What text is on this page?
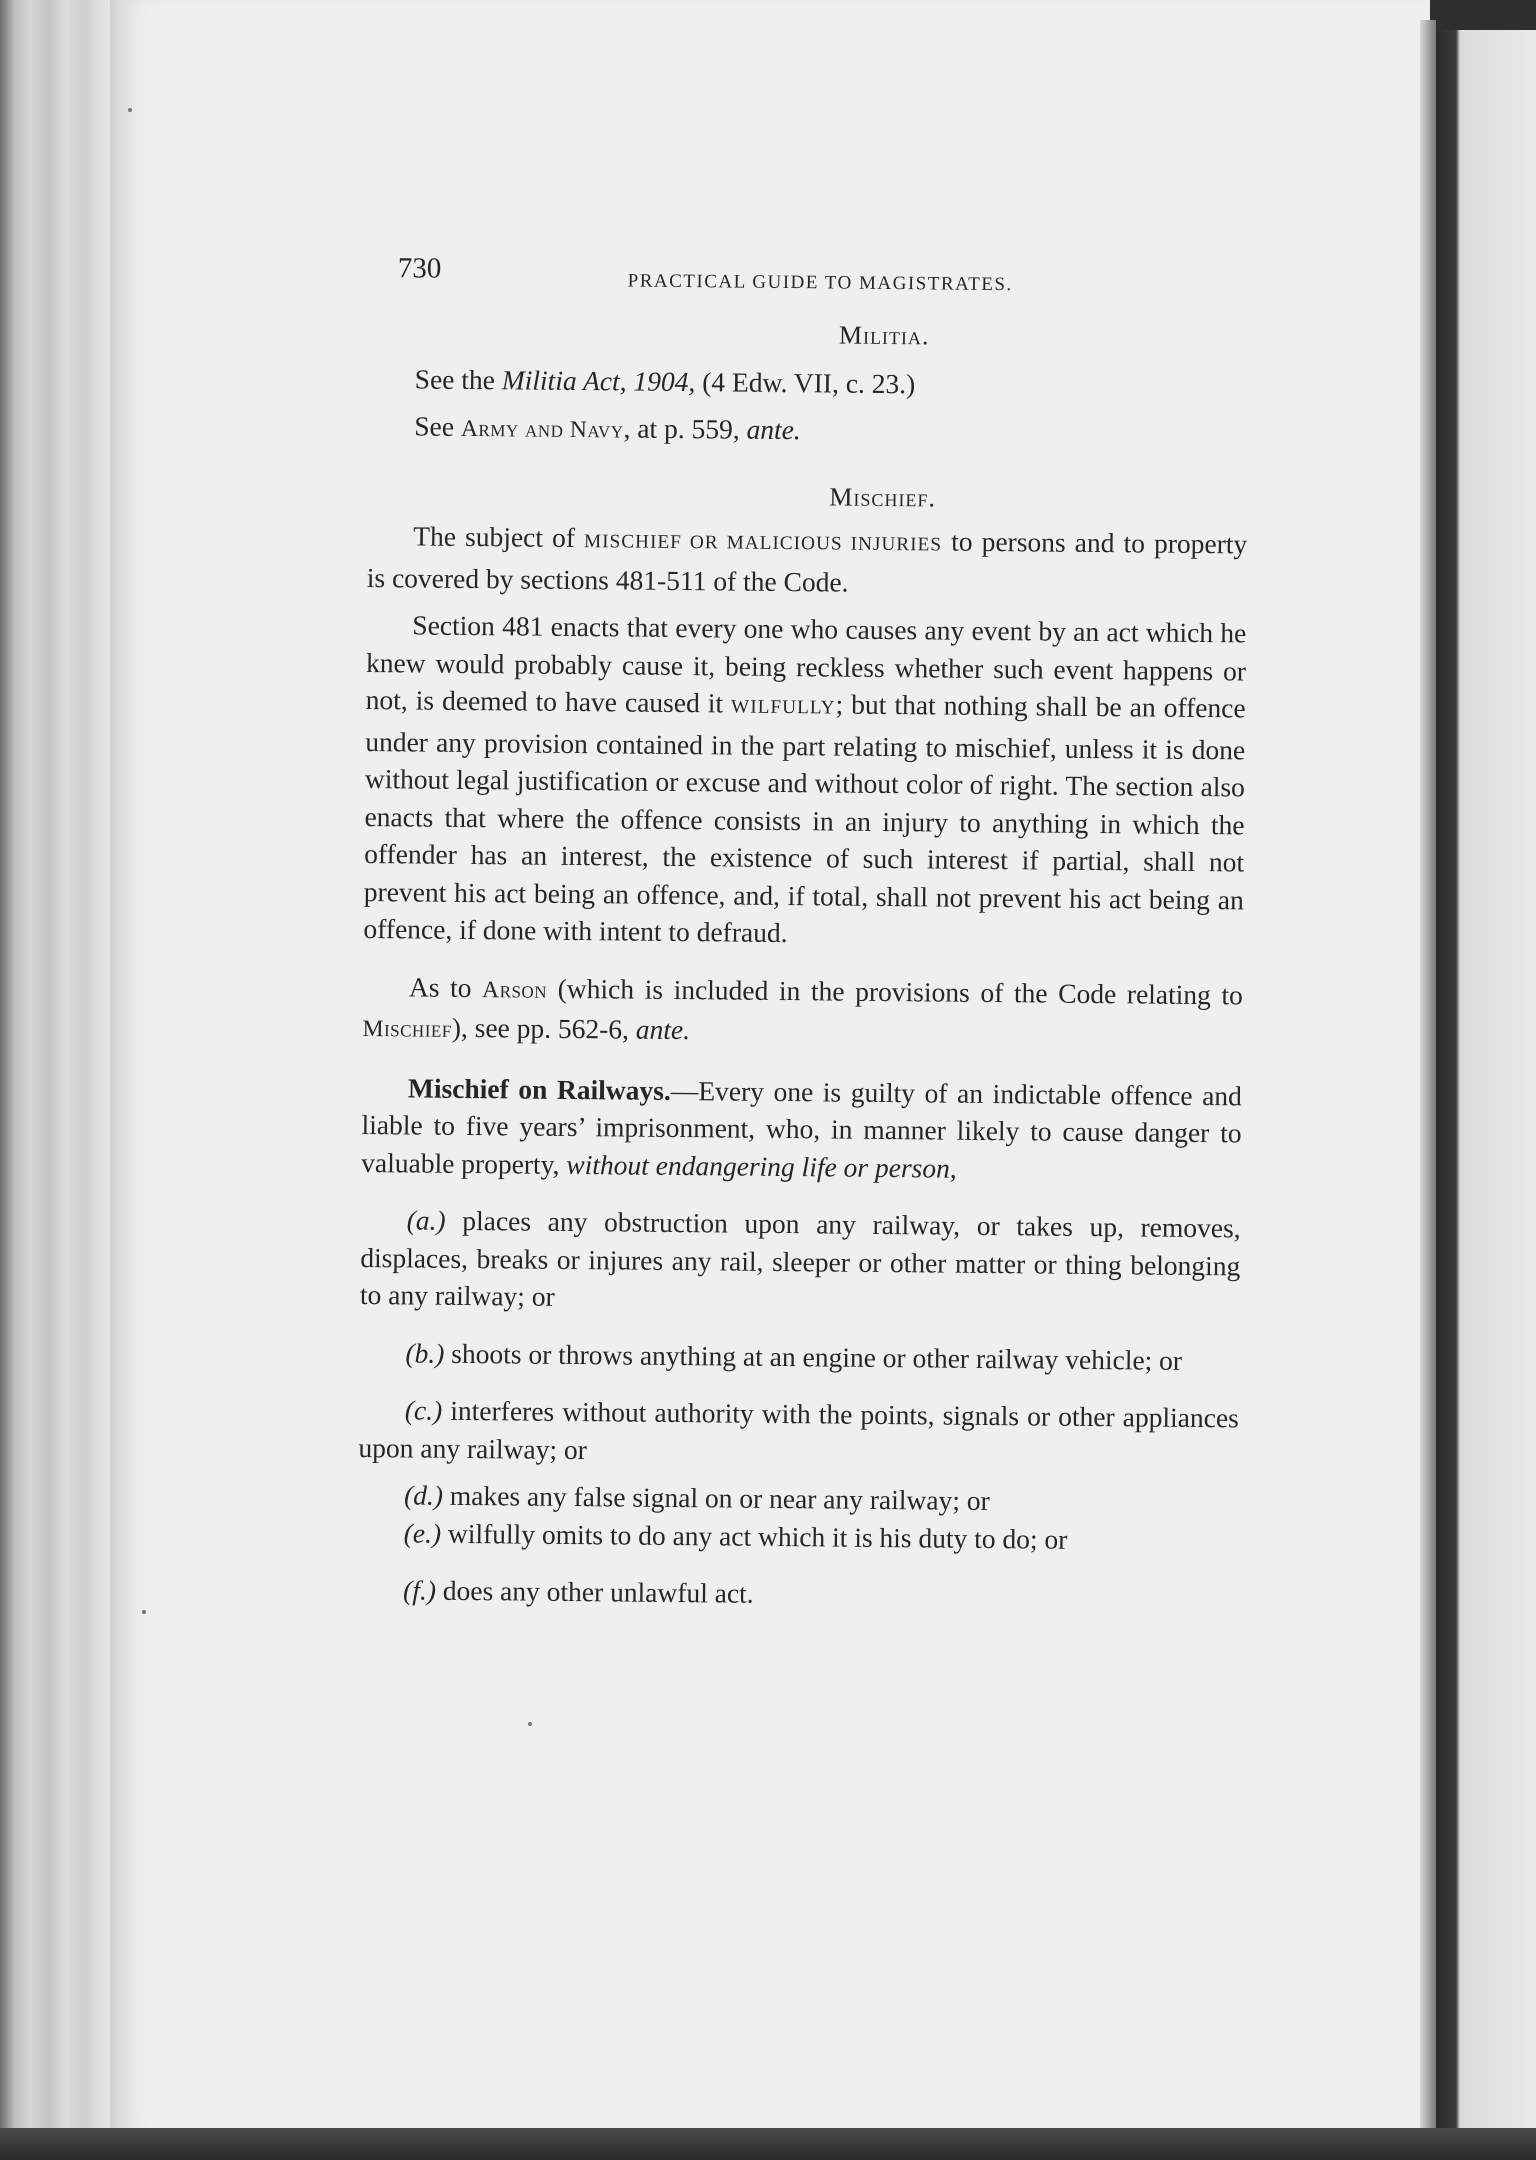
730	PRACTICAL GUIDE TO MAGISTRATES.
Militia.

See the Militia Act, 1904, (4 Edw. VII, c. 23.)

See Army and Navy, at p. 559, ante.

Mischief.

The subject of MISCHIEF OR MALICIOUS INJURIES to persons and to property is covered by sections 481-511 of the Code.

Section 481 enacts that every one who causes any event by an act which he knew would probably cause it, being reckless whether such event happens or not, is deemed to have caused it WILFULLY; but that nothing shall be an offence under any provision contained in the part relating to mischief, unless it is done without legal justification or excuse and without color of right. The section also enacts that where the offence consists in an injury to anything in which the offender has an interest, the existence of such interest if partial, shall not prevent his act being an offence, and, if total, shall not prevent his act being an offence, if done with intent to defraud.

As to Arson (which is included in the provisions of the Code relating to Mischief), see pp. 562-6, ante.

Mischief on Railways.—Every one is guilty of an indictable offence and liable to five years’ imprisonment, who, in manner likely to cause danger to valuable property, without endangering life or person,

(a.) places any obstruction upon any railway, or takes up, removes, displaces, breaks or injures any rail, sleeper or other matter or thing belonging to any railway; or

(b.) shoots or throws anything at an engine or other railway vehicle; or

(c.) interferes without authority with the points, signals or other appliances upon any railway; or

(d.) makes any false signal on or near any railway; or

(e.) wilfully omits to do any act which it is his duty to do; or

(f.) does any other unlawful act.
